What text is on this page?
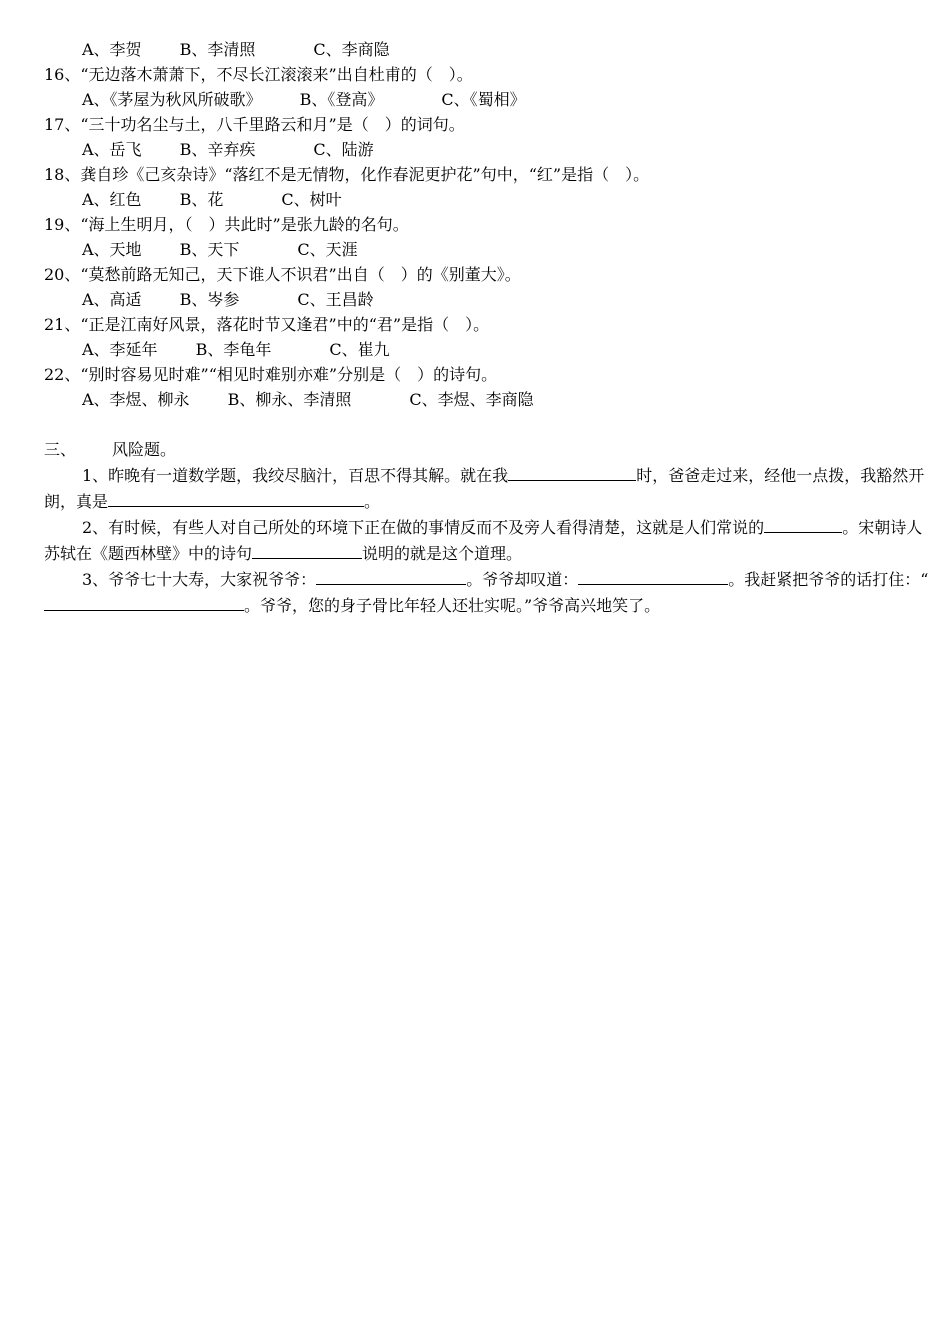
A、李贺 B、李清照	C、李商隐
16、“无边落木萧萧下，不尽长江滚滚来”出自杜甫的（　）。
A、《茅屋为秋风所破歌》 B、《登高》	C、《蜀相》
17、“三十功名尘与土，八千里路云和月”是（　）的词句。
A、岳飞 B、辛弃疾	C、陆游
18、龚自珍《己亥杂诗》“落红不是无情物，化作春泥更护花”句中，“红”是指（　）。
A、红色 B、花	C、树叶
19、“海上生明月，（　）共此时”是张九龄的名句。
A、天地 B、天下	C、天涯
20、“莫愁前路无知己，天下谁人不识君”出自（　）的《别董大》。
A、高适 B、岑参	C、王昌龄
21、“正是江南好风景，落花时节又逢君”中的“君”是指（　）。
A、李延年 B、李龟年	C、崔九
22、“别时容易见时难”“相见时难别亦难”分别是（　）的诗句。
A、李煜、柳永 B、柳永、李清照	C、李煜、李商隐
三、 风险题。
1、昨晚有一道数学题，我绞尽脑汁，百思不得其解。就在我	时，爸爸走过来，经他一点拨，我豁然开朗，真是	。
2、有时候，有些人对自己所处的环境下正在做的事情反而不及旁人看得清楚，这就是人们常说的	。宋朝诗人苏轼在《题西林壁》中的诗句	说明的就是这个道理。
3、爷爷七十大寿，大家祝爷爷：	。爷爷却叹道：	。我赶紧把爷爷的话打住：“。爷爷，您的身子骨比年轻人还壮实呢。”爷爷高兴地笑了。
